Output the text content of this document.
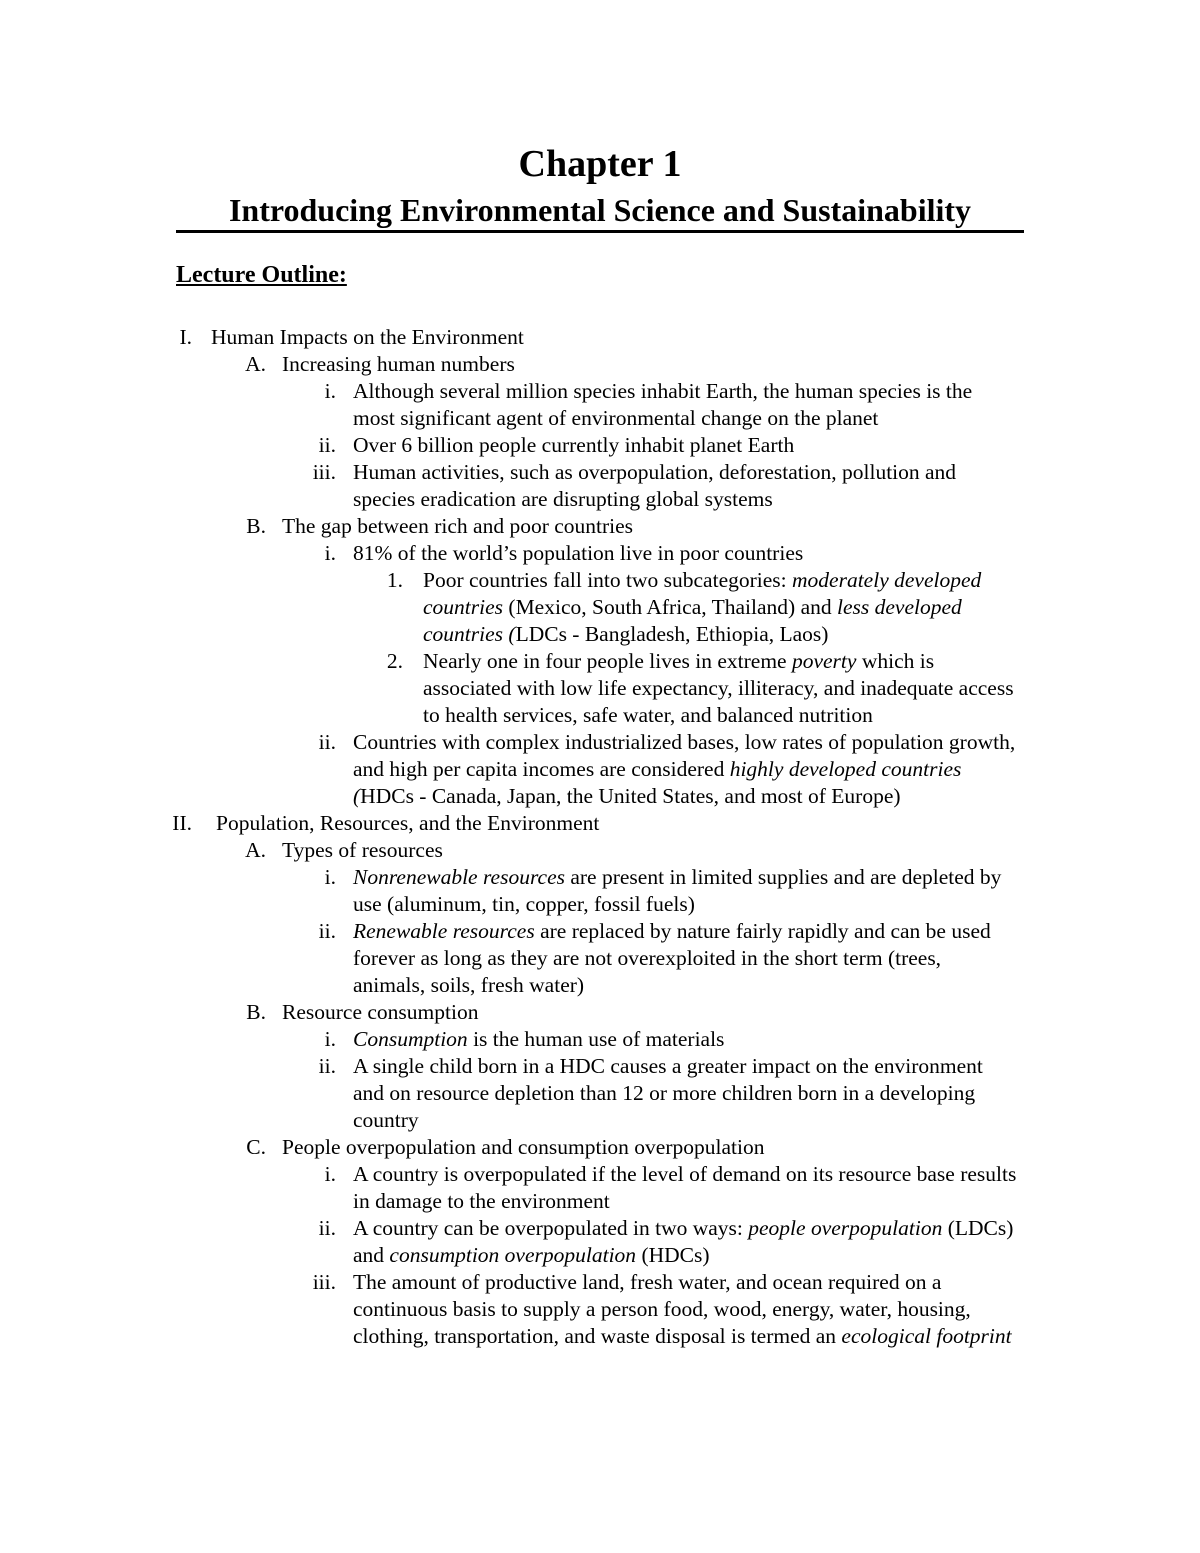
Chapter 1
Introducing Environmental Science and Sustainability
Lecture Outline:
I. Human Impacts on the Environment
A. Increasing human numbers
i. Although several million species inhabit Earth, the human species is the most significant agent of environmental change on the planet
ii. Over 6 billion people currently inhabit planet Earth
iii. Human activities, such as overpopulation, deforestation, pollution and species eradication are disrupting global systems
B. The gap between rich and poor countries
i. 81% of the world’s population live in poor countries
1. Poor countries fall into two subcategories: moderately developed countries (Mexico, South Africa, Thailand) and less developed countries (LDCs - Bangladesh, Ethiopia, Laos)
2. Nearly one in four people lives in extreme poverty which is associated with low life expectancy, illiteracy, and inadequate access to health services, safe water, and balanced nutrition
ii. Countries with complex industrialized bases, low rates of population growth, and high per capita incomes are considered highly developed countries (HDCs - Canada, Japan, the United States, and most of Europe)
II. Population, Resources, and the Environment
A. Types of resources
i. Nonrenewable resources are present in limited supplies and are depleted by use (aluminum, tin, copper, fossil fuels)
ii. Renewable resources are replaced by nature fairly rapidly and can be used forever as long as they are not overexploited in the short term (trees, animals, soils, fresh water)
B. Resource consumption
i. Consumption is the human use of materials
ii. A single child born in a HDC causes a greater impact on the environment and on resource depletion than 12 or more children born in a developing country
C. People overpopulation and consumption overpopulation
i. A country is overpopulated if the level of demand on its resource base results in damage to the environment
ii. A country can be overpopulated in two ways: people overpopulation (LDCs) and consumption overpopulation (HDCs)
iii. The amount of productive land, fresh water, and ocean required on a continuous basis to supply a person food, wood, energy, water, housing, clothing, transportation, and waste disposal is termed an ecological footprint
